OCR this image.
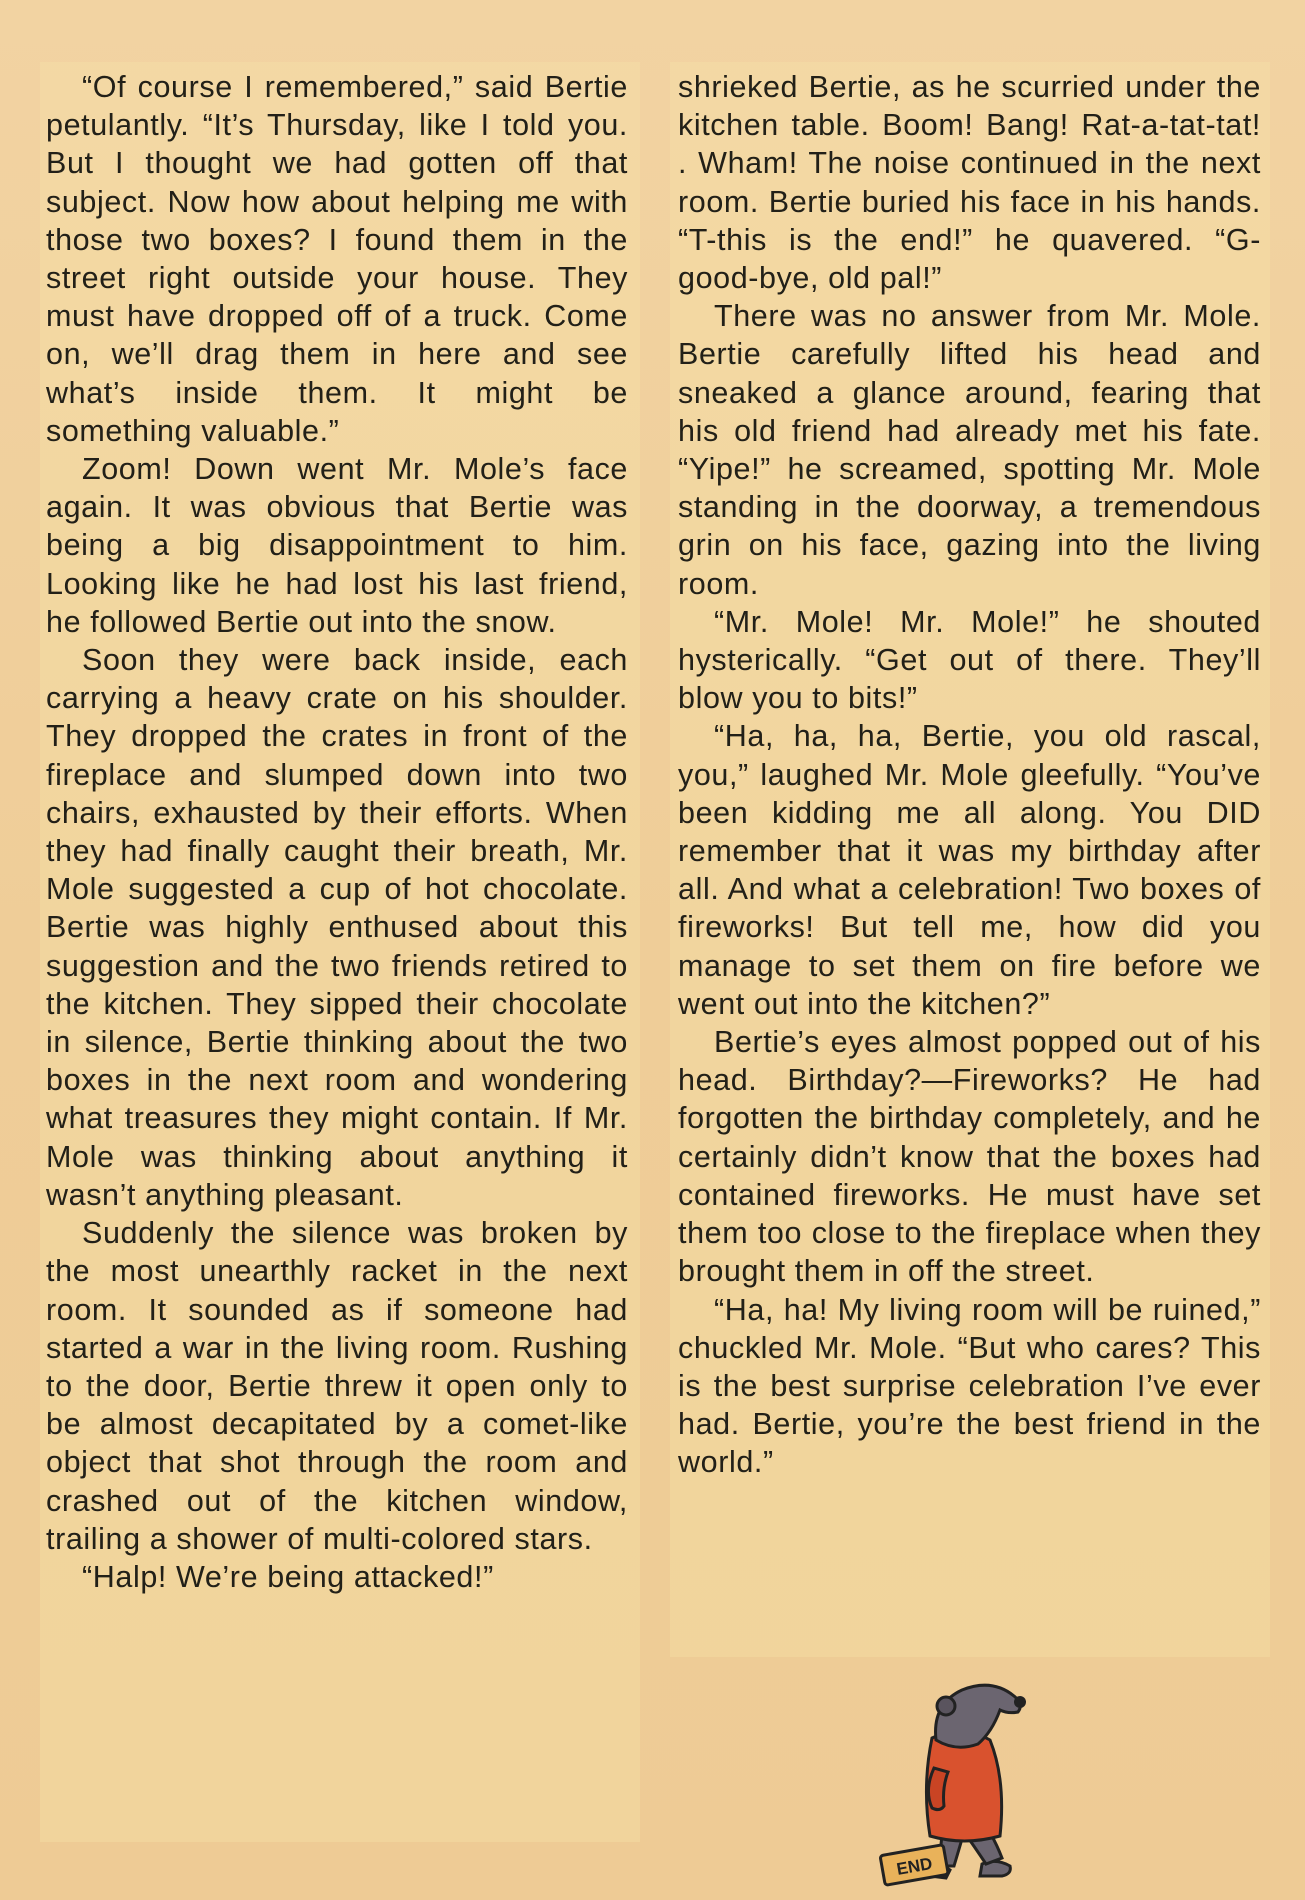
“Of course I remembered,” said Bertie petulantly. “It’s Thursday, like I told you. But I thought we had gotten off that subject. Now how about helping me with those two boxes? I found them in the street right outside your house. They must have dropped off of a truck. Come on, we’ll drag them in here and see what’s inside them. It might be something valuable.”

Zoom! Down went Mr. Mole’s face again. It was obvious that Bertie was being a big disappointment to him. Looking like he had lost his last friend, he followed Bertie out into the snow.

Soon they were back inside, each carrying a heavy crate on his shoulder. They dropped the crates in front of the fireplace and slumped down into two chairs, exhausted by their efforts. When they had finally caught their breath, Mr. Mole suggested a cup of hot chocolate. Bertie was highly enthused about this suggestion and the two friends retired to the kitchen. They sipped their chocolate in silence, Bertie thinking about the two boxes in the next room and wondering what treasures they might contain. If Mr. Mole was thinking about anything it wasn’t anything pleasant.

Suddenly the silence was broken by the most unearthly racket in the next room. It sounded as if someone had started a war in the living room. Rushing to the door, Bertie threw it open only to be almost decapitated by a comet-like object that shot through the room and crashed out of the kitchen window, trailing a shower of multi-colored stars.

“Halp! We’re being attacked!”

shrieked Bertie, as he scurried under the kitchen table. Boom! Bang! Rat-a-tat-tat! . Wham! The noise continued in the next room. Bertie buried his face in his hands. “T-this is the end!” he quavered. “G-good-bye, old pal!”

There was no answer from Mr. Mole. Bertie carefully lifted his head and sneaked a glance around, fearing that his old friend had already met his fate. “Yipe!” he screamed, spotting Mr. Mole standing in the doorway, a tremendous grin on his face, gazing into the living room.

“Mr. Mole! Mr. Mole!” he shouted hysterically. “Get out of there. They’ll blow you to bits!”

“Ha, ha, ha, Bertie, you old rascal, you,” laughed Mr. Mole gleefully. “You’ve been kidding me all along. You DID remember that it was my birthday after all. And what a celebration! Two boxes of fireworks! But tell me, how did you manage to set them on fire before we went out into the kitchen?”

Bertie’s eyes almost popped out of his head. Birthday?—Fireworks? He had forgotten the birthday completely, and he certainly didn’t know that the boxes had contained fireworks. He must have set them too close to the fireplace when they brought them in off the street.

“Ha, ha! My living room will be ruined,” chuckled Mr. Mole. “But who cares? This is the best surprise celebration I’ve ever had. Bertie, you’re the best friend in the world.”

END
